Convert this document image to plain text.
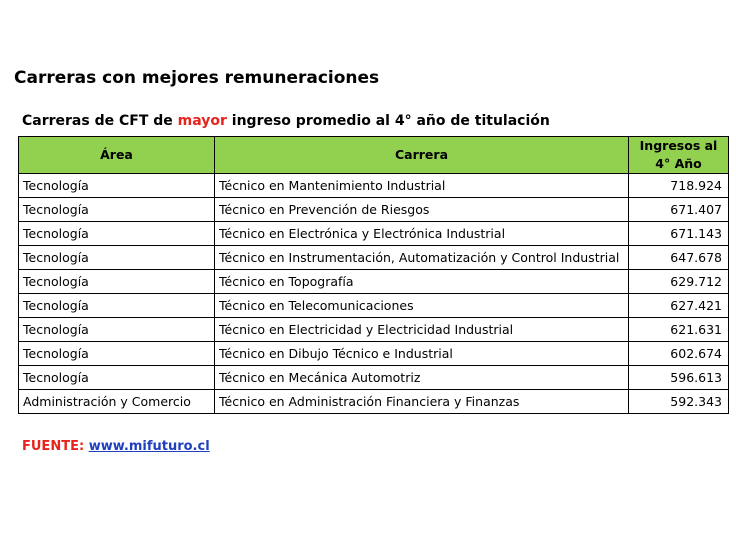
Carreras con mejores remuneraciones
Carreras de CFT de mayor ingreso promedio al 4° año de titulación
Área	Carrera	Ingresos al 4° Año
Tecnología	Técnico en Mantenimiento Industrial	718.924
Tecnología	Técnico en Prevención de Riesgos	671.407
Tecnología	Técnico en Electrónica y Electrónica Industrial	671.143
Tecnología	Técnico en Instrumentación, Automatización y Control Industrial	647.678
Tecnología	Técnico en Topografía	629.712
Tecnología	Técnico en Telecomunicaciones	627.421
Tecnología	Técnico en Electricidad y Electricidad Industrial	621.631
Tecnología	Técnico en Dibujo Técnico e Industrial	602.674
Tecnología	Técnico en Mecánica Automotriz	596.613
Administración y Comercio	Técnico en Administración Financiera y Finanzas	592.343
FUENTE: www.mifuturo.cl
